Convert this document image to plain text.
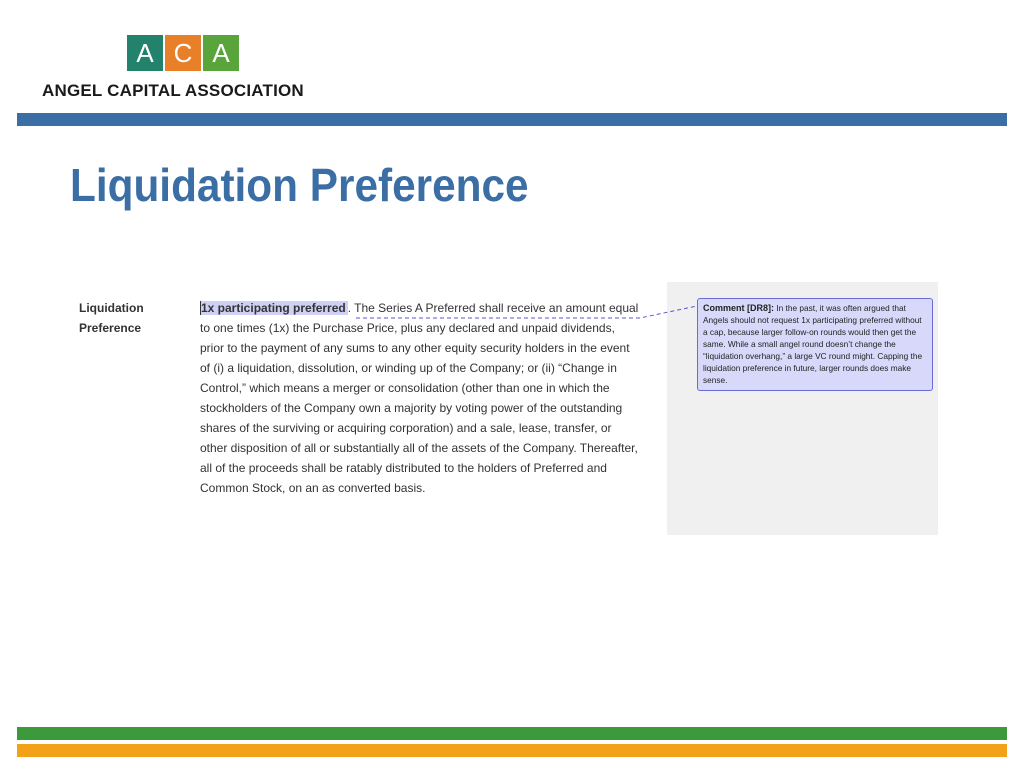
A C A
ANGEL CAPITAL ASSOCIATION
Liquidation Preference
Liquidation
Preference
1x participating preferred . The Series A Preferred shall receive an amount equal to one times (1x) the Purchase Price, plus any declared and unpaid dividends, prior to the payment of any sums to any other equity security holders in the event of (i) a liquidation, dissolution, or winding up of the Company; or (ii) “Change in Control,” which means a merger or consolidation (other than one in which the stockholders of the Company own a majority by voting power of the outstanding shares of the surviving or acquiring corporation) and a sale, lease, transfer, or other disposition of all or substantially all of the assets of the Company. Thereafter, all of the proceeds shall be ratably distributed to the holders of Preferred and Common Stock, on an as converted basis.
Comment [DR8]: In the past, it was often argued that Angels should not request 1x participating preferred without a cap, because larger follow-on rounds would then get the same. While a small angel round doesn’t change the “liquidation overhang,” a large VC round might. Capping the liquidation preference in future, larger rounds does make sense.
